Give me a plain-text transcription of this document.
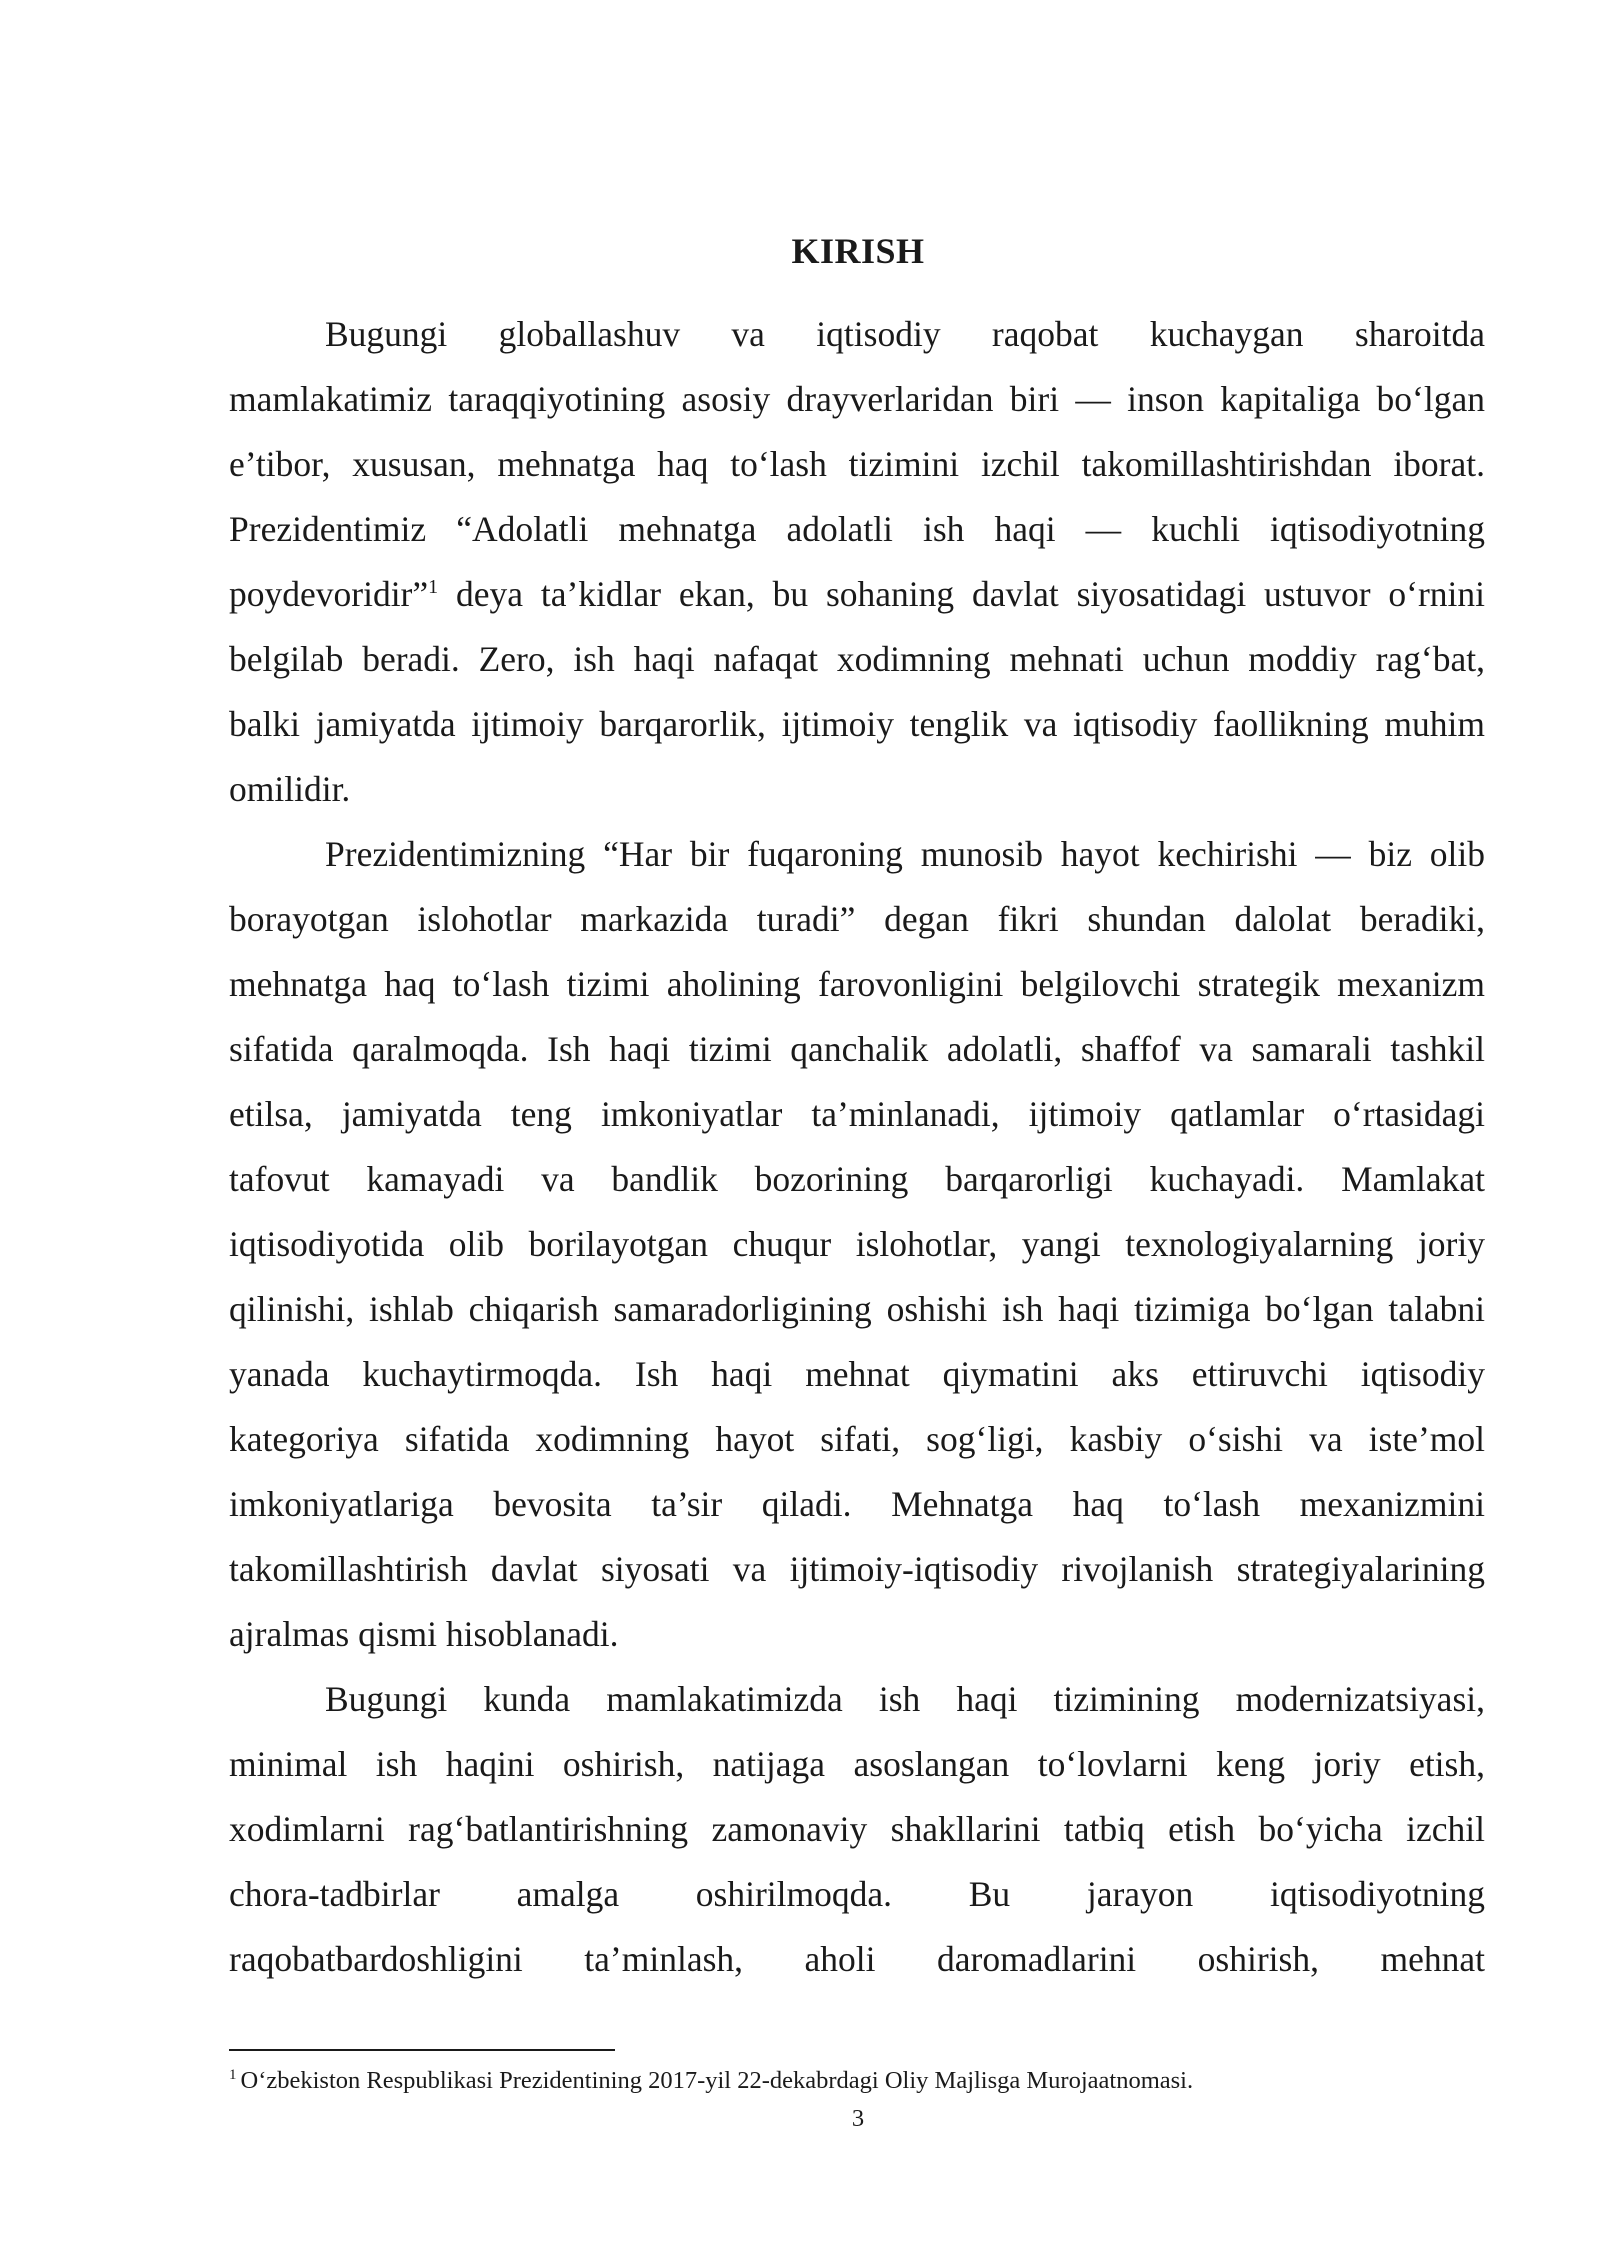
KIRISH
Bugungi globallashuv va iqtisodiy raqobat kuchaygan sharoitda
mamlakatimiz taraqqiyotining asosiy drayverlaridan biri — inson kapitaliga bo‘lgan
e’tibor, xususan, mehnatga haq to‘lash tizimini izchil takomillashtirishdan iborat.
Prezidentimiz “Adolatli mehnatga adolatli ish haqi — kuchli iqtisodiyotning
poydevoridir”$^1$ deya ta’kidlar ekan, bu sohaning davlat siyosatidagi ustuvor o‘rnini
belgilab beradi. Zero, ish haqi nafaqat xodimning mehnati uchun moddiy rag‘bat,
balki jamiyatda ijtimoiy barqarorlik, ijtimoiy tenglik va iqtisodiy faollikning muhim
omilidir.
Prezidentimizning “Har bir fuqaroning munosib hayot kechirishi — biz olib
borayotgan islohotlar markazida turadi” degan fikri shundan dalolat beradiki,
mehnatga haq to‘lash tizimi aholining farovonligini belgilovchi strategik mexanizm
sifatida qaralmoqda. Ish haqi tizimi qanchalik adolatli, shaffof va samarali tashkil
etilsa, jamiyatda teng imkoniyatlar ta’minlanadi, ijtimoiy qatlamlar o‘rtasidagi
tafovut kamayadi va bandlik bozorining barqarorligi kuchayadi. Mamlakat
iqtisodiyotida olib borilayotgan chuqur islohotlar, yangi texnologiyalarning joriy
qilinishi, ishlab chiqarish samaradorligining oshishi ish haqi tizimiga bo‘lgan talabni
yanada kuchaytirmoqda. Ish haqi mehnat qiymatini aks ettiruvchi iqtisodiy
kategoriya sifatida xodimning hayot sifati, sog‘ligi, kasbiy o‘sishi va iste’mol
imkoniyatlariga bevosita ta’sir qiladi. Mehnatga haq to‘lash mexanizmini
takomillashtirish davlat siyosati va ijtimoiy-iqtisodiy rivojlanish strategiyalarining
ajralmas qismi hisoblanadi.
Bugungi kunda mamlakatimizda ish haqi tizimining modernizatsiyasi,
minimal ish haqini oshirish, natijaga asoslangan to‘lovlarni keng joriy etish,
xodimlarni rag‘batlantirishning zamonaviy shakllarini tatbiq etish bo‘yicha izchil
chora-tadbirlar amalga oshirilmoqda. Bu jarayon iqtisodiyotning
raqobatbardoshligini ta’minlash, aholi daromadlarini oshirish, mehnat
$^1$ O‘zbekiston Respublikasi Prezidentining 2017-yil 22-dekabrdagi Oliy Majlisga Murojaatnomasi.
3
